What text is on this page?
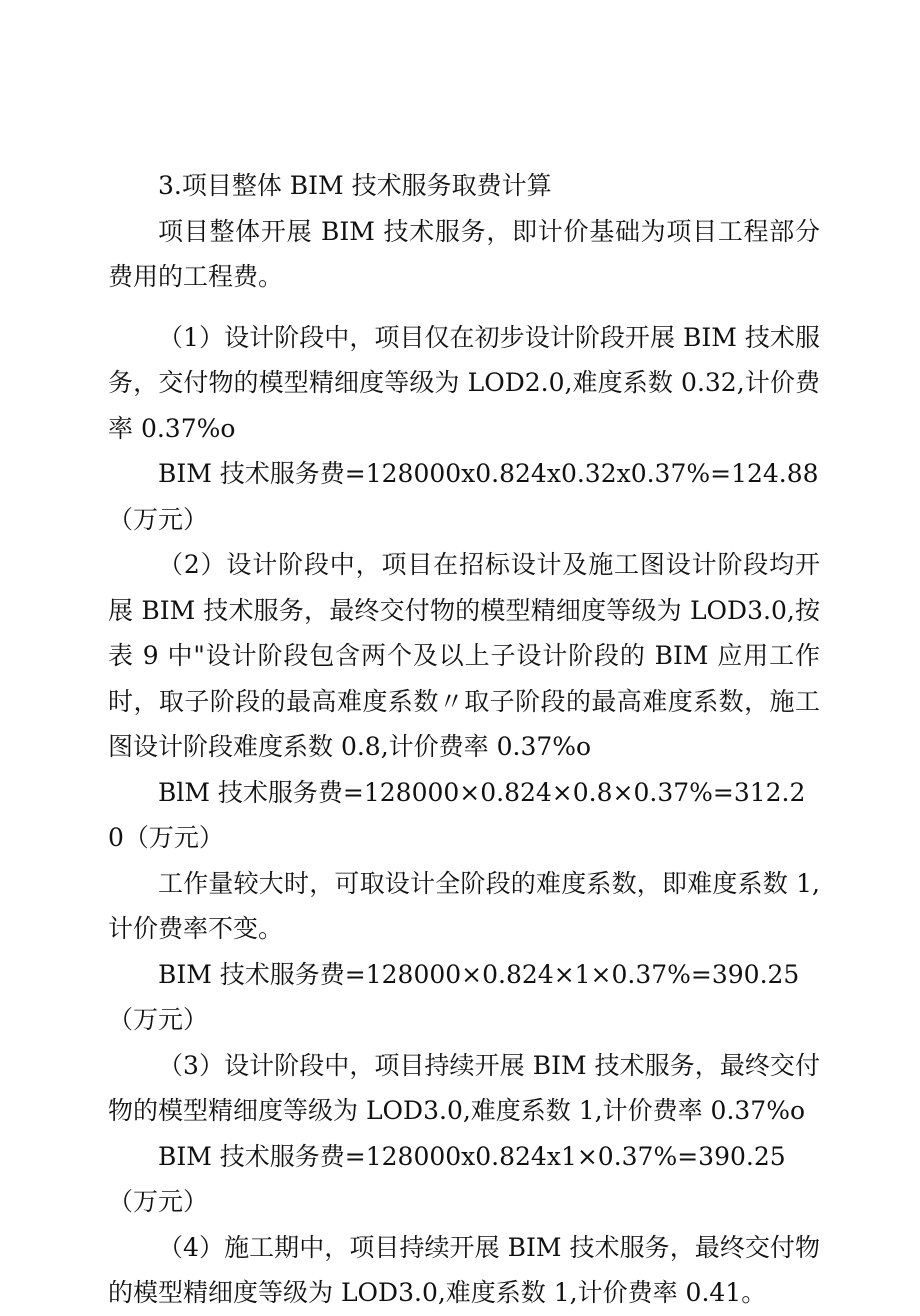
3.项目整体 BIM 技术服务取费计算

项目整体开展 BIM 技术服务，即计价基础为项目工程部分费用的工程费。

（1）设计阶段中，项目仅在初步设计阶段开展 BIM 技术服务，交付物的模型精细度等级为 LOD2.0,难度系数 0.32,计价费率 0.37%o

BIM 技术服务费=128000x0.824x0.32x0.37%=124.88（万元）

（2）设计阶段中，项目在招标设计及施工图设计阶段均开展 BIM 技术服务，最终交付物的模型精细度等级为 LOD3.0,按表 9 中"设计阶段包含两个及以上子设计阶段的 BIM 应用工作时，取子阶段的最高难度系数〃取子阶段的最高难度系数，施工图设计阶段难度系数 0.8,计价费率 0.37%o

BlM 技术服务费=128000×0.824×0.8×0.37%=312.20（万元）

工作量较大时，可取设计全阶段的难度系数，即难度系数 1,计价费率不变。

BIM 技术服务费=128000×0.824×1×0.37%=390.25（万元）

（3）设计阶段中，项目持续开展 BIM 技术服务，最终交付物的模型精细度等级为 LOD3.0,难度系数 1,计价费率 0.37%o

BIM 技术服务费=128000x0.824x1×0.37%=390.25（万元）

（4）施工期中，项目持续开展 BIM 技术服务，最终交付物的模型精细度等级为 LOD3.0,难度系数 1,计价费率 0.41。
